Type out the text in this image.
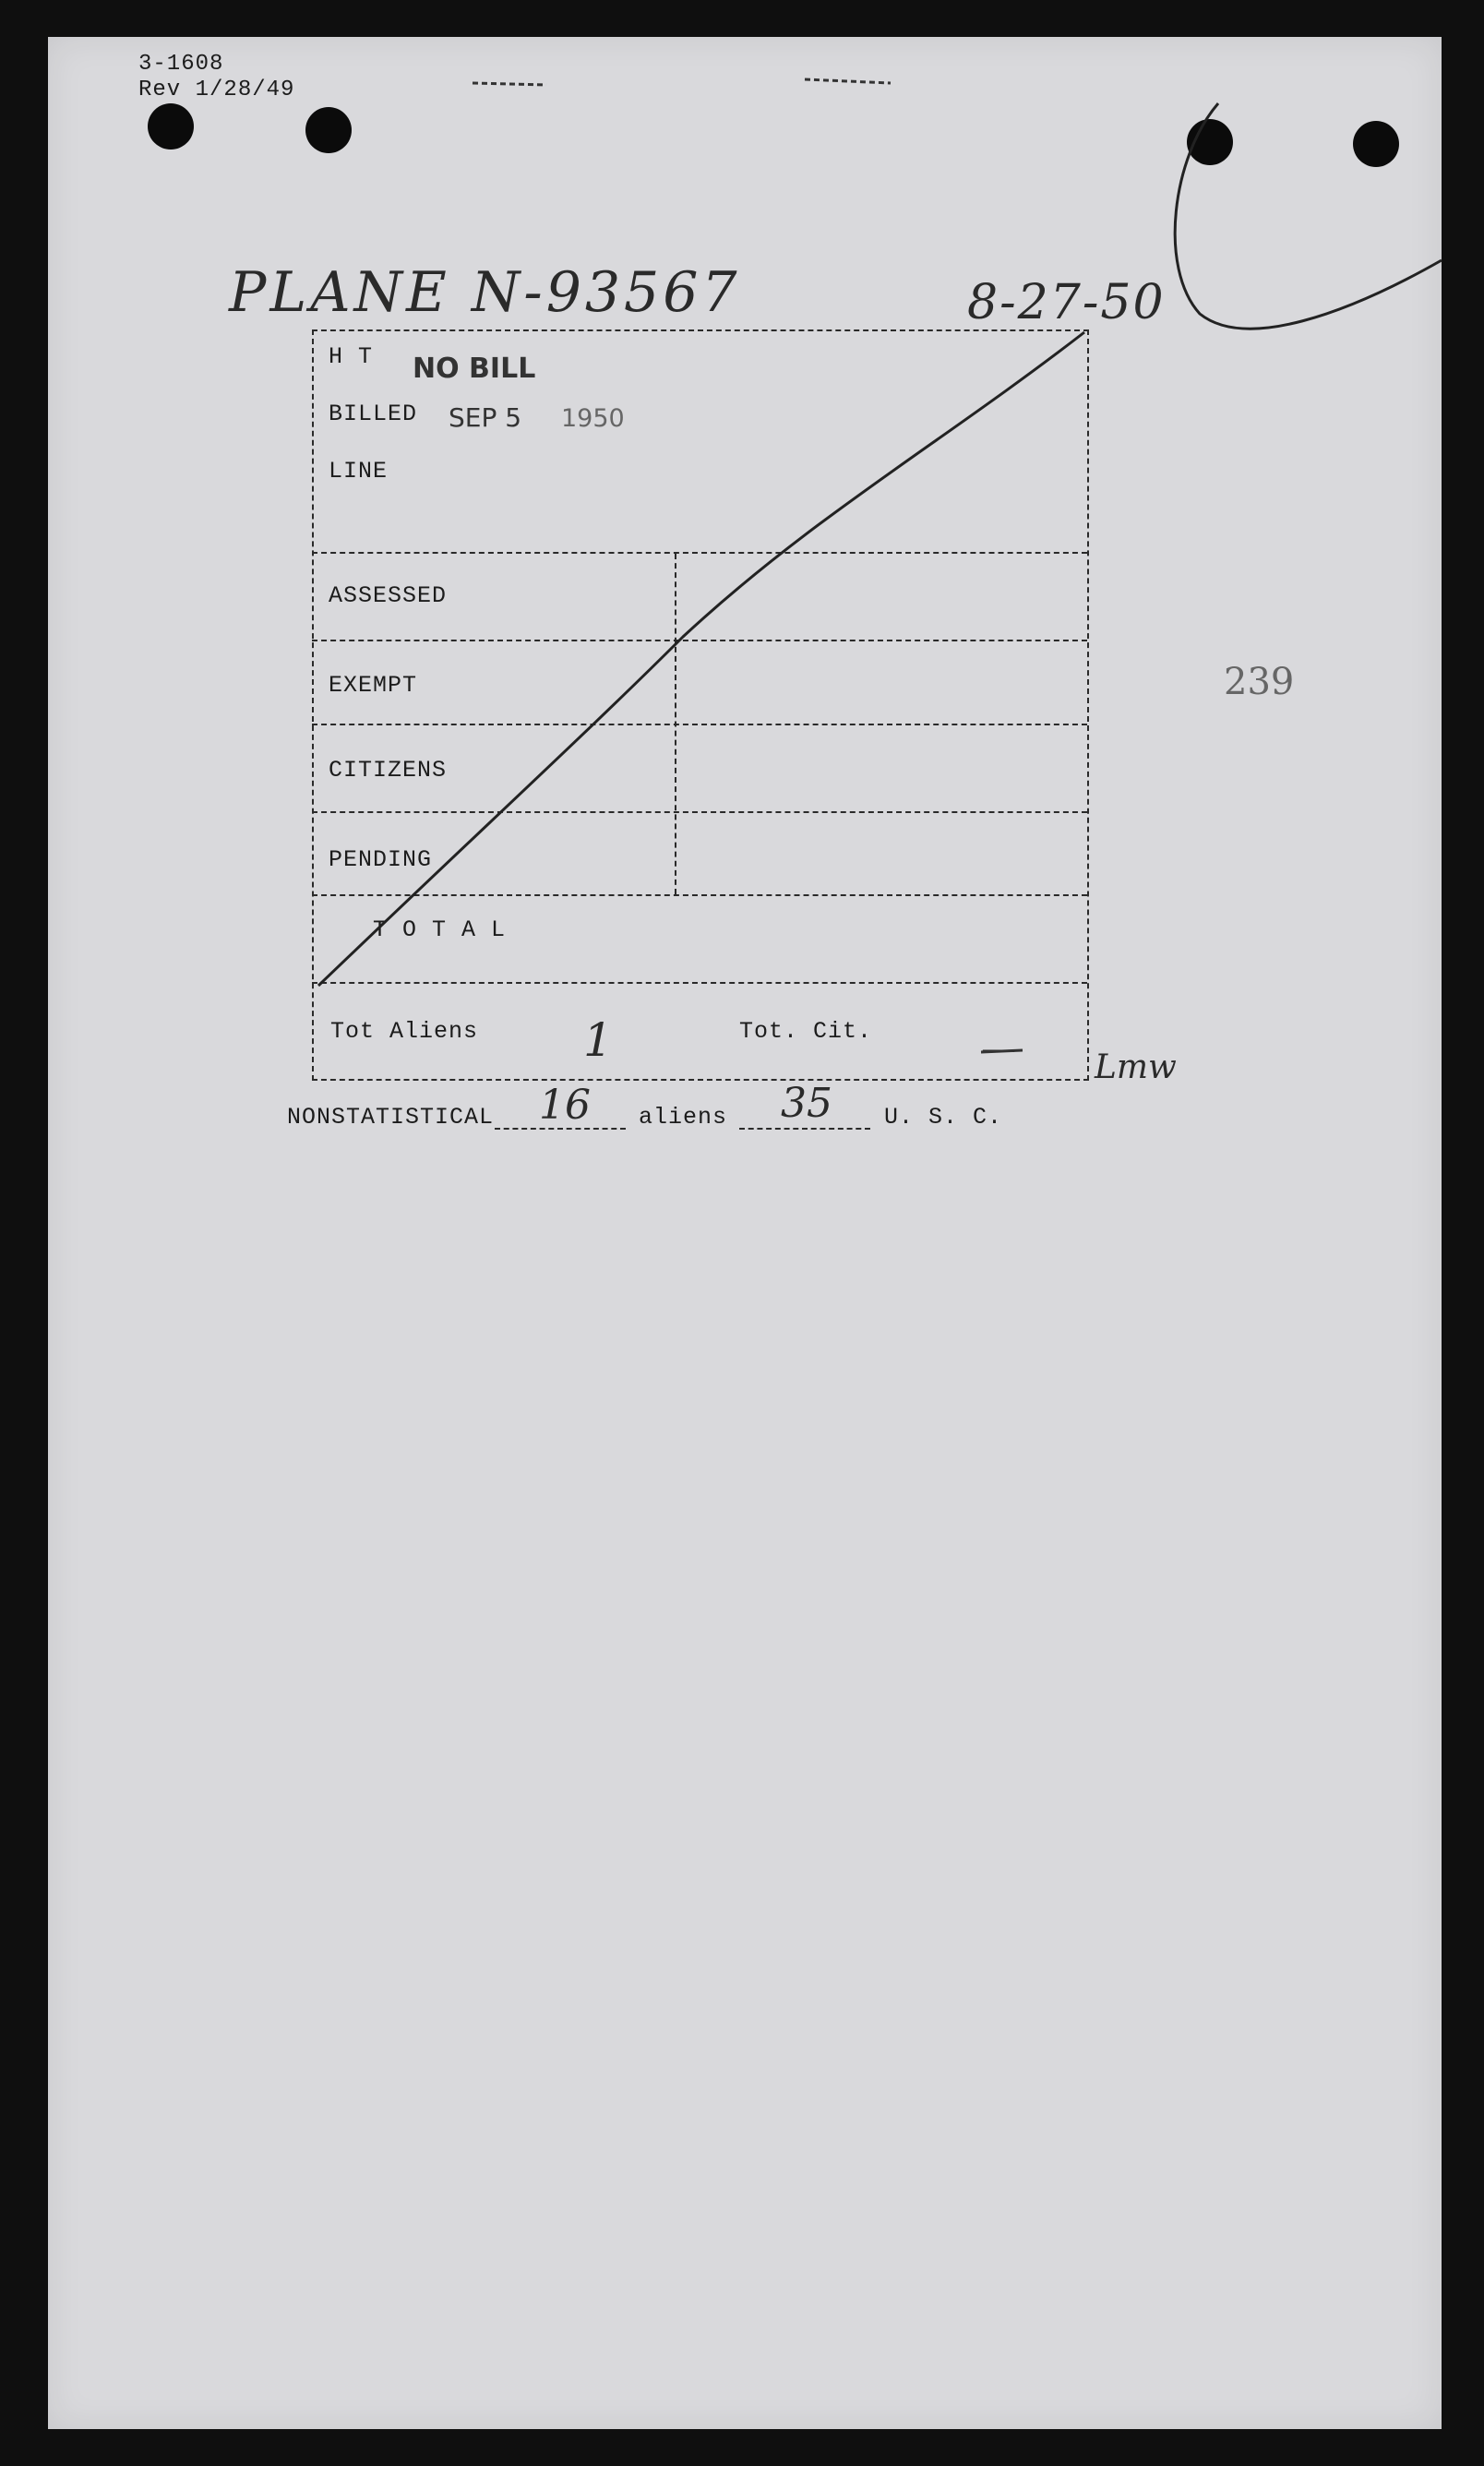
3-1608
Rev 1/28/49
PLANE N-93567	8-27-50
H T NO BILL
BILLED SEP 5 1950
LINE
ASSESSED
EXEMPT
CITIZENS
PENDING
T O T A L
Tot Aliens 1	Tot. Cit.	— Lmw
NONSTATISTICAL 16 aliens 35 U. S. C.
239
